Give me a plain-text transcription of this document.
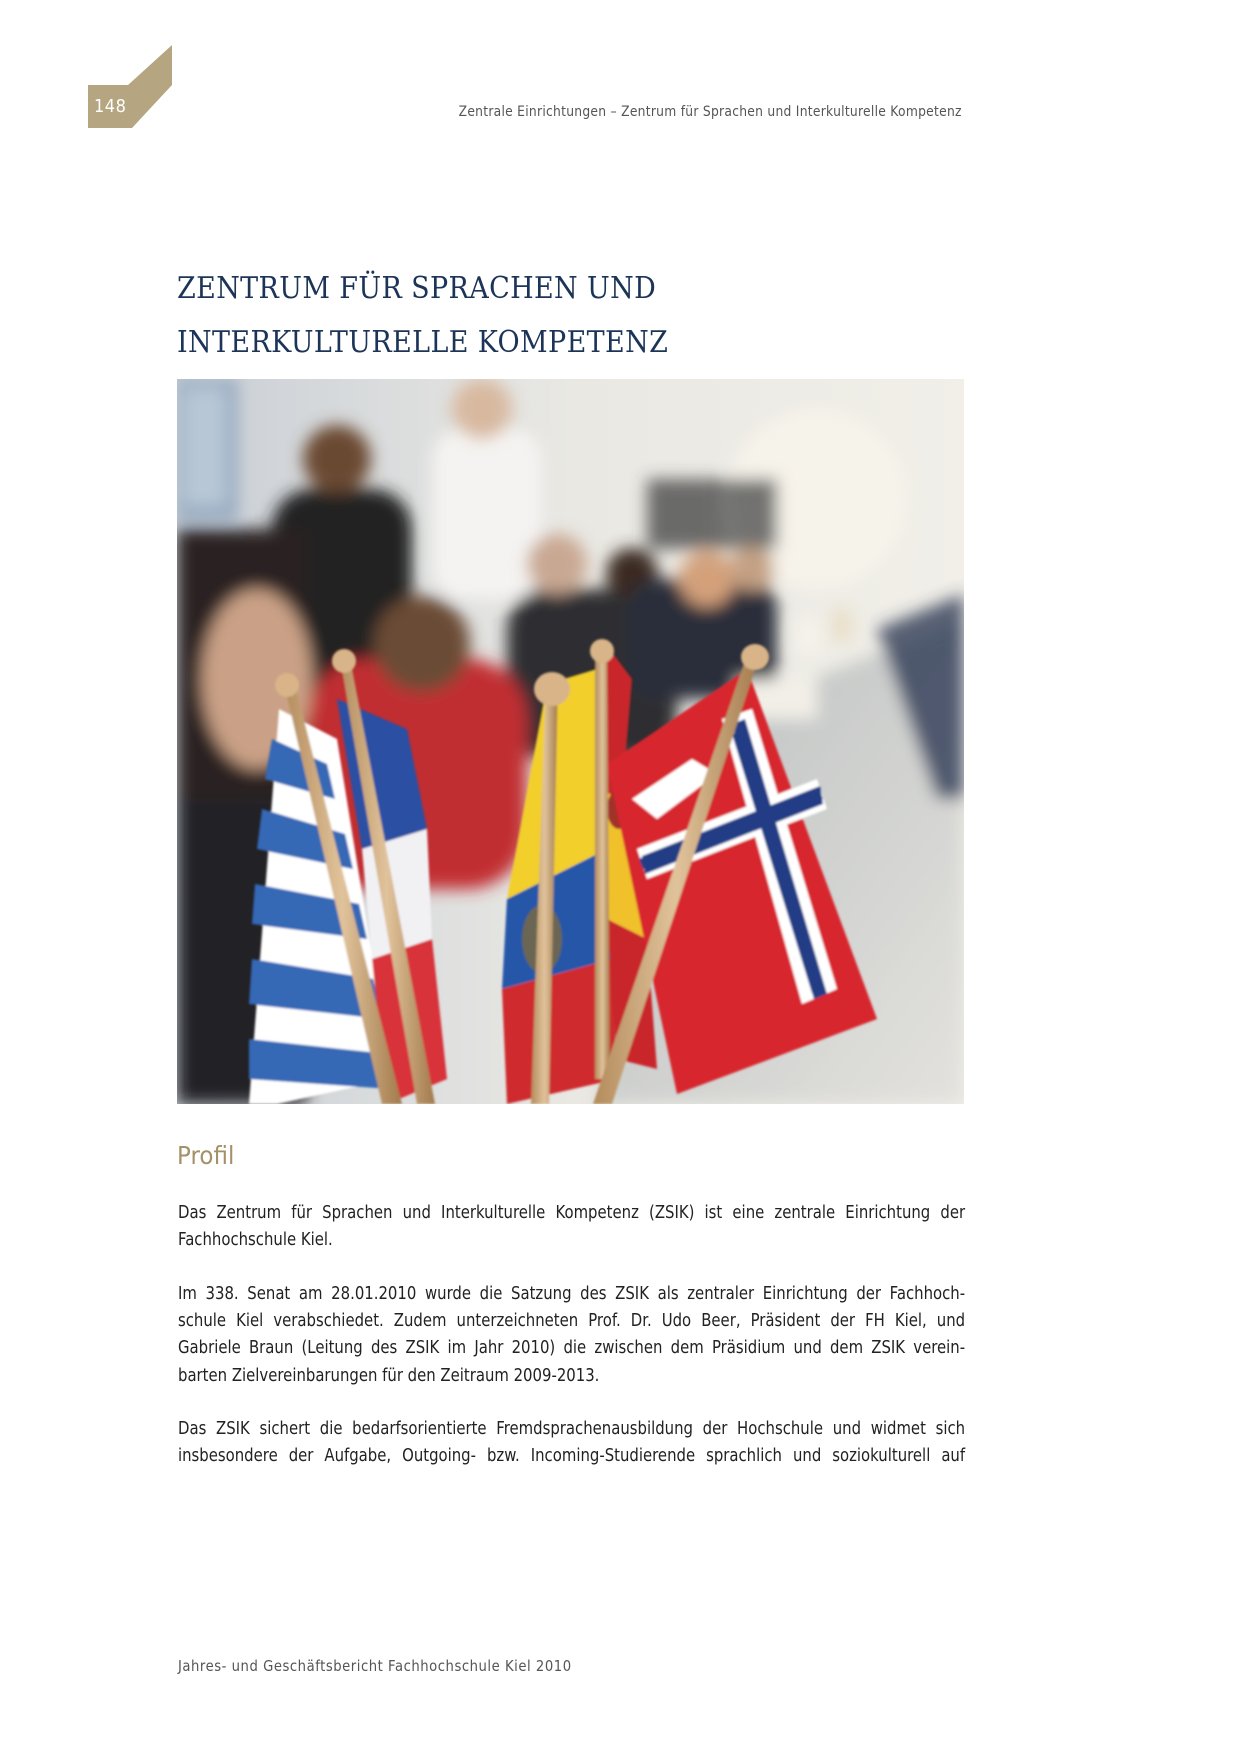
148	Zentrale Einrichtungen – Zentrum für Sprachen und Interkulturelle Kompetenz
ZENTRUM FÜR SPRACHEN UND
INTERKULTURELLE KOMPETENZ
Profil

Das Zentrum für Sprachen und Interkulturelle Kompetenz (ZSIK) ist eine zentrale Einrichtung der
Fachhochschule Kiel.

Im 338. Senat am 28.01.2010 wurde die Satzung des ZSIK als zentraler Einrichtung der Fachhoch-
schule Kiel verabschiedet. Zudem unterzeichneten Prof. Dr. Udo Beer, Präsident der FH Kiel, und
Gabriele Braun (Leitung des ZSIK im Jahr 2010) die zwischen dem Präsidium und dem ZSIK verein-
barten Zielvereinbarungen für den Zeitraum 2009-2013.

Das ZSIK sichert die bedarfsorientierte Fremdsprachenausbildung der Hochschule und widmet sich
insbesondere der Aufgabe, Outgoing- bzw. Incoming-Studierende sprachlich und soziokulturell auf

Jahres- und Geschäftsbericht Fachhochschule Kiel 2010
